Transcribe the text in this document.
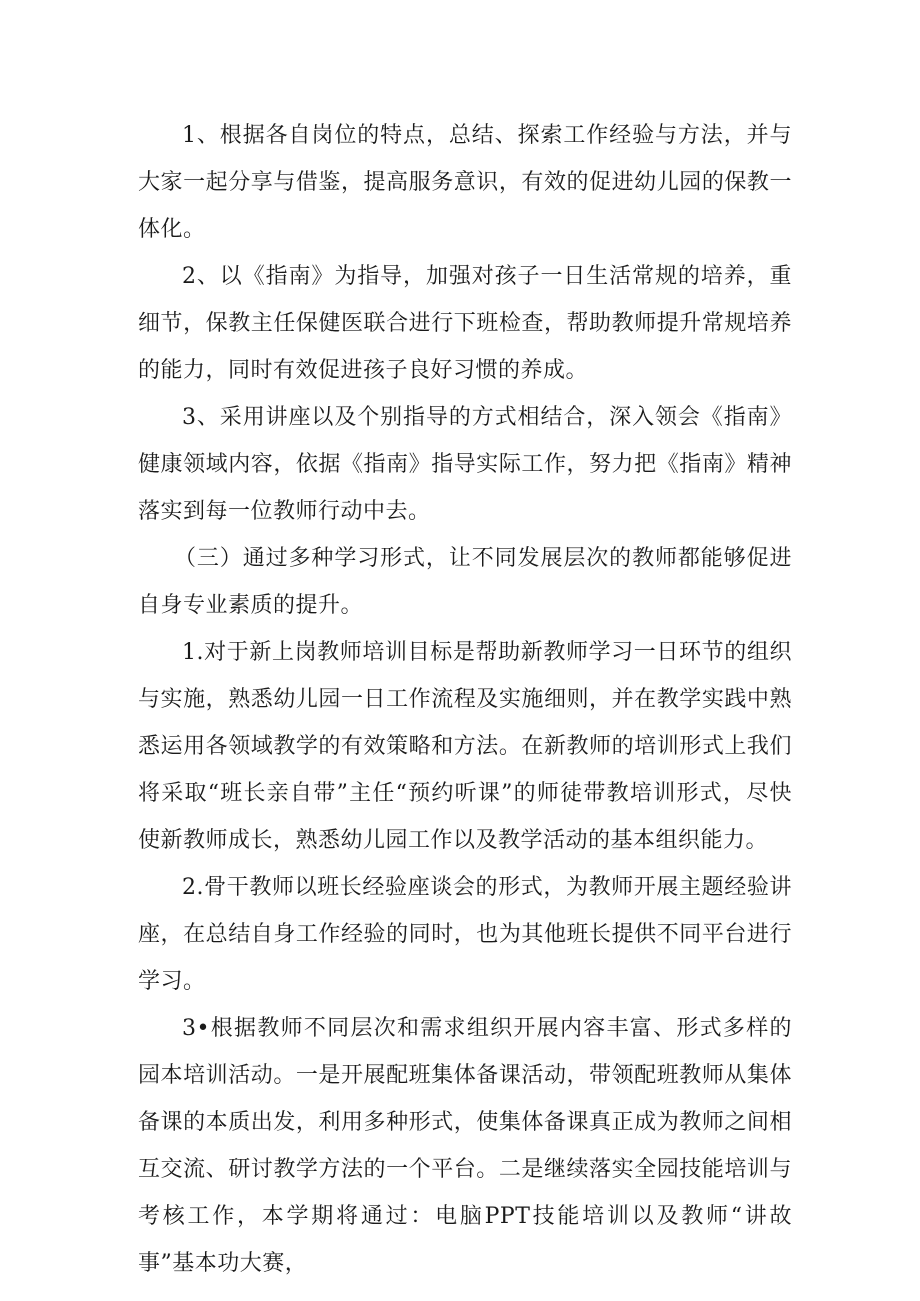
1、根据各自岗位的特点，总结、探索工作经验与方法，并与大家一起分享与借鉴，提高服务意识，有效的促进幼儿园的保教一体化。

2、以《指南》为指导，加强对孩子一日生活常规的培养，重细节，保教主任保健医联合进行下班检查，帮助教师提升常规培养的能力，同时有效促进孩子良好习惯的养成。

3、采用讲座以及个别指导的方式相结合，深入领会《指南》健康领域内容，依据《指南》指导实际工作，努力把《指南》精神落实到每一位教师行动中去。

（三）通过多种学习形式，让不同发展层次的教师都能够促进自身专业素质的提升。

1.对于新上岗教师培训目标是帮助新教师学习一日环节的组织与实施，熟悉幼儿园一日工作流程及实施细则，并在教学实践中熟悉运用各领域教学的有效策略和方法。在新教师的培训形式上我们将采取“班长亲自带”主任“预约听课”的师徒带教培训形式，尽快使新教师成长，熟悉幼儿园工作以及教学活动的基本组织能力。

2.骨干教师以班长经验座谈会的形式，为教师开展主题经验讲座，在总结自身工作经验的同时，也为其他班长提供不同平台进行学习。

3•根据教师不同层次和需求组织开展内容丰富、形式多样的园本培训活动。一是开展配班集体备课活动，带领配班教师从集体备课的本质出发，利用多种形式，使集体备课真正成为教师之间相互交流、研讨教学方法的一个平台。二是继续落实全园技能培训与考核工作，本学期将通过：电脑PPT技能培训以及教师“讲故事”基本功大赛，
